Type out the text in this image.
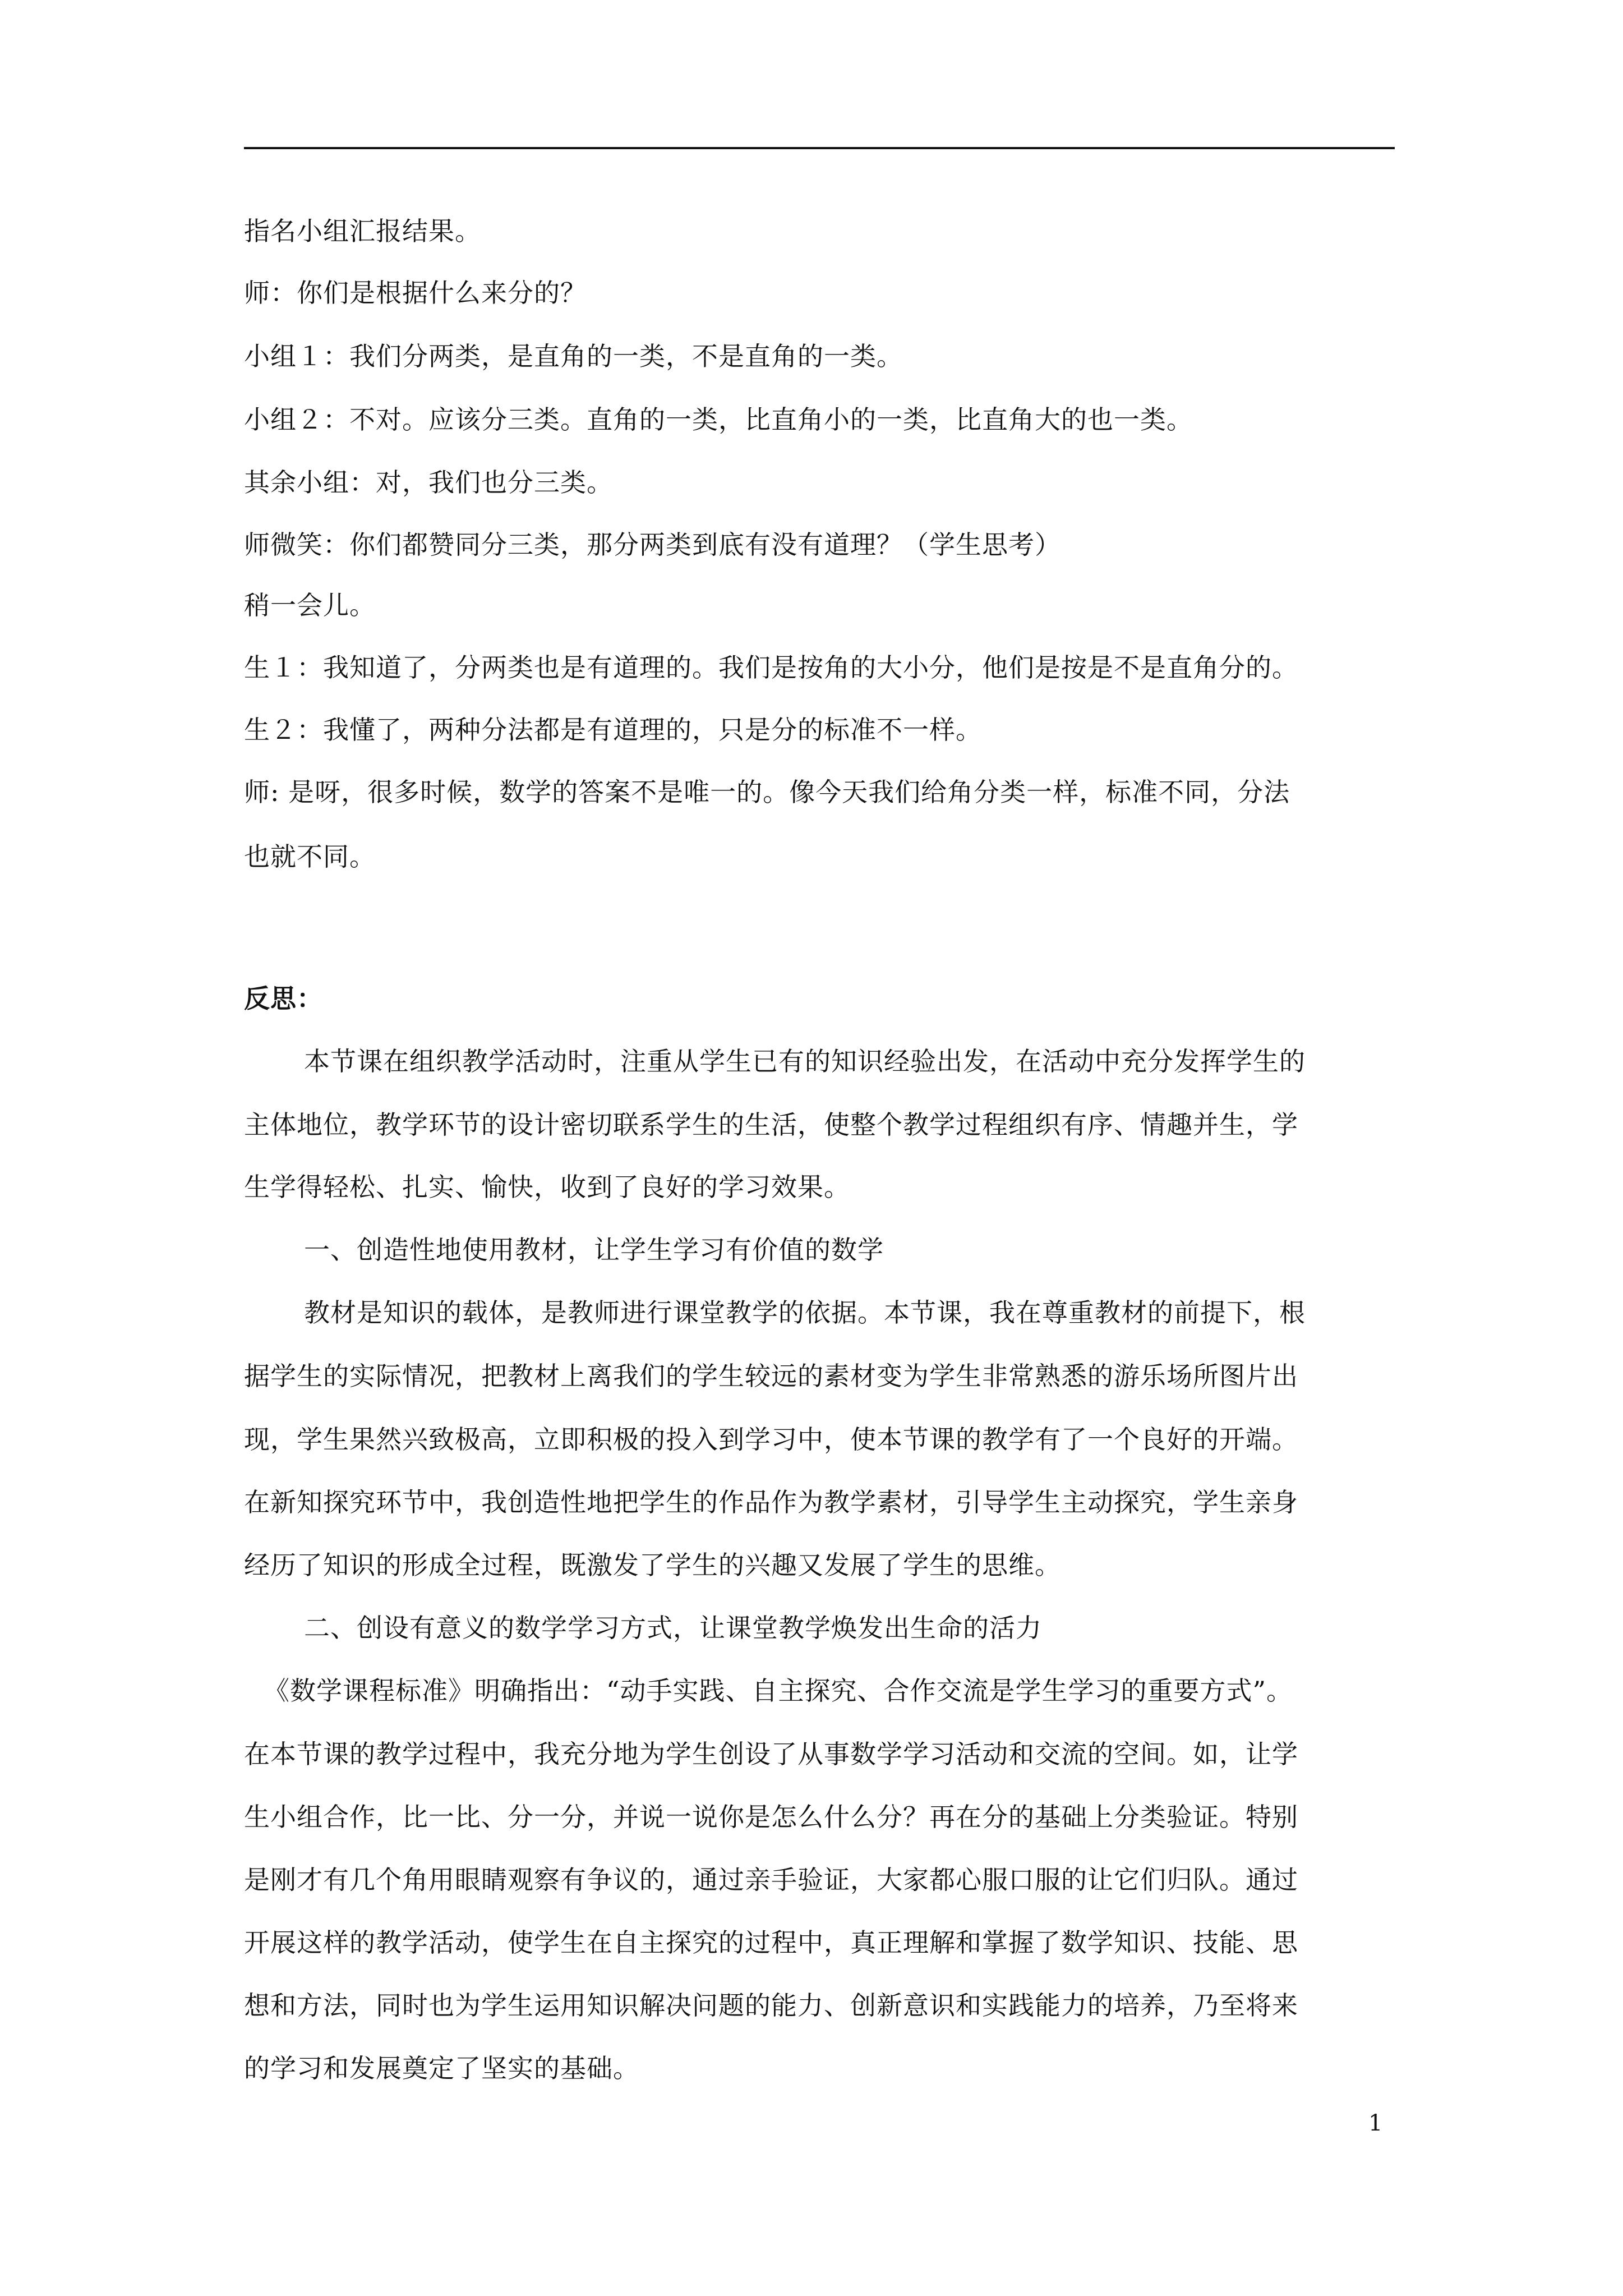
指名小组汇报结果。
师：你们是根据什么来分的？
小组１：我们分两类，是直角的一类，不是直角的一类。
小组２：不对。应该分三类。直角的一类，比直角小的一类，比直角大的也一类。
其余小组：对，我们也分三类。
师微笑：你们都赞同分三类，那分两类到底有没有道理？（学生思考）
稍一会儿。
生１：我知道了，分两类也是有道理的。我们是按角的大小分，他们是按是不是直角分的。
生２：我懂了，两种分法都是有道理的，只是分的标准不一样。
师: 是呀，很多时候，数学的答案不是唯一的。像今天我们给角分类一样，标准不同，分法
也就不同。
反思：
本节课在组织教学活动时，注重从学生已有的知识经验出发，在活动中充分发挥学生的
主体地位，教学环节的设计密切联系学生的生活，使整个教学过程组织有序、情趣并生，学
生学得轻松、扎实、愉快，收到了良好的学习效果。
一、创造性地使用教材，让学生学习有价值的数学
教材是知识的载体，是教师进行课堂教学的依据。本节课，我在尊重教材的前提下，根
据学生的实际情况，把教材上离我们的学生较远的素材变为学生非常熟悉的游乐场所图片出
现，学生果然兴致极高，立即积极的投入到学习中，使本节课的教学有了一个良好的开端。
在新知探究环节中，我创造性地把学生的作品作为教学素材，引导学生主动探究，学生亲身
经历了知识的形成全过程，既激发了学生的兴趣又发展了学生的思维。
二、创设有意义的数学学习方式，让课堂教学焕发出生命的活力
《数学课程标准》明确指出：“动手实践、自主探究、合作交流是学生学习的重要方式”。
在本节课的教学过程中，我充分地为学生创设了从事数学学习活动和交流的空间。如，让学
生小组合作，比一比、分一分，并说一说你是怎么什么分？再在分的基础上分类验证。特别
是刚才有几个角用眼睛观察有争议的，通过亲手验证，大家都心服口服的让它们归队。通过
开展这样的教学活动，使学生在自主探究的过程中，真正理解和掌握了数学知识、技能、思
想和方法，同时也为学生运用知识解决问题的能力、创新意识和实践能力的培养，乃至将来
的学习和发展奠定了坚实的基础。
1
